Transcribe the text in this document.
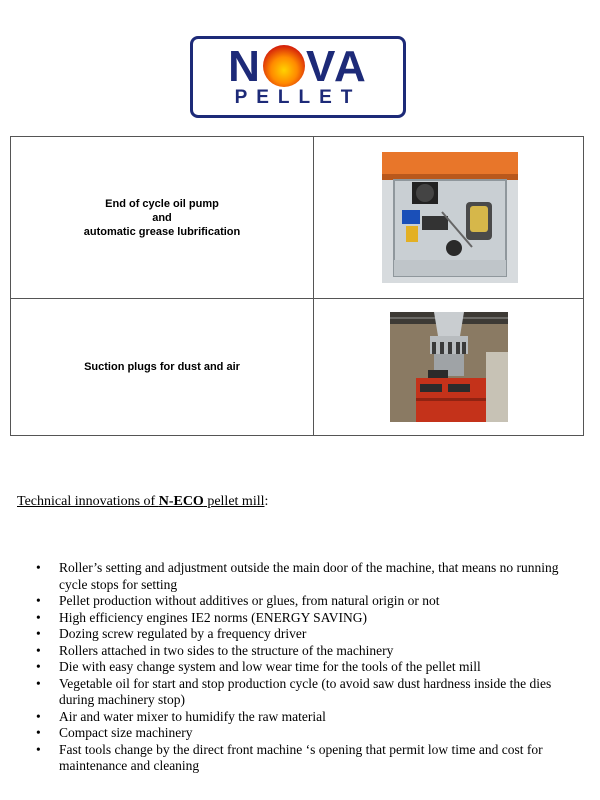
N VA
PELLET
End of cycle oil pump
and
automatic grease lubrification
Suction plugs for dust and air
Technical innovations of N-ECO pellet mill:
• Roller’s setting and adjustment outside the main door of the machine, that means no running cycle stops for setting
• Pellet production without additives or glues, from natural origin or not
• High efficiency engines IE2 norms (ENERGY SAVING)
• Dozing screw regulated by a frequency driver
• Rollers attached in two sides to the structure of the machinery
• Die with easy change system and low wear time for the tools of the pellet mill
• Vegetable oil for start and stop production cycle (to avoid saw dust hardness inside the dies during machinery stop)
• Air and water mixer to humidify the raw material
• Compact size machinery
• Fast tools change by the direct front machine ‘s opening that permit low time and cost for maintenance and cleaning
